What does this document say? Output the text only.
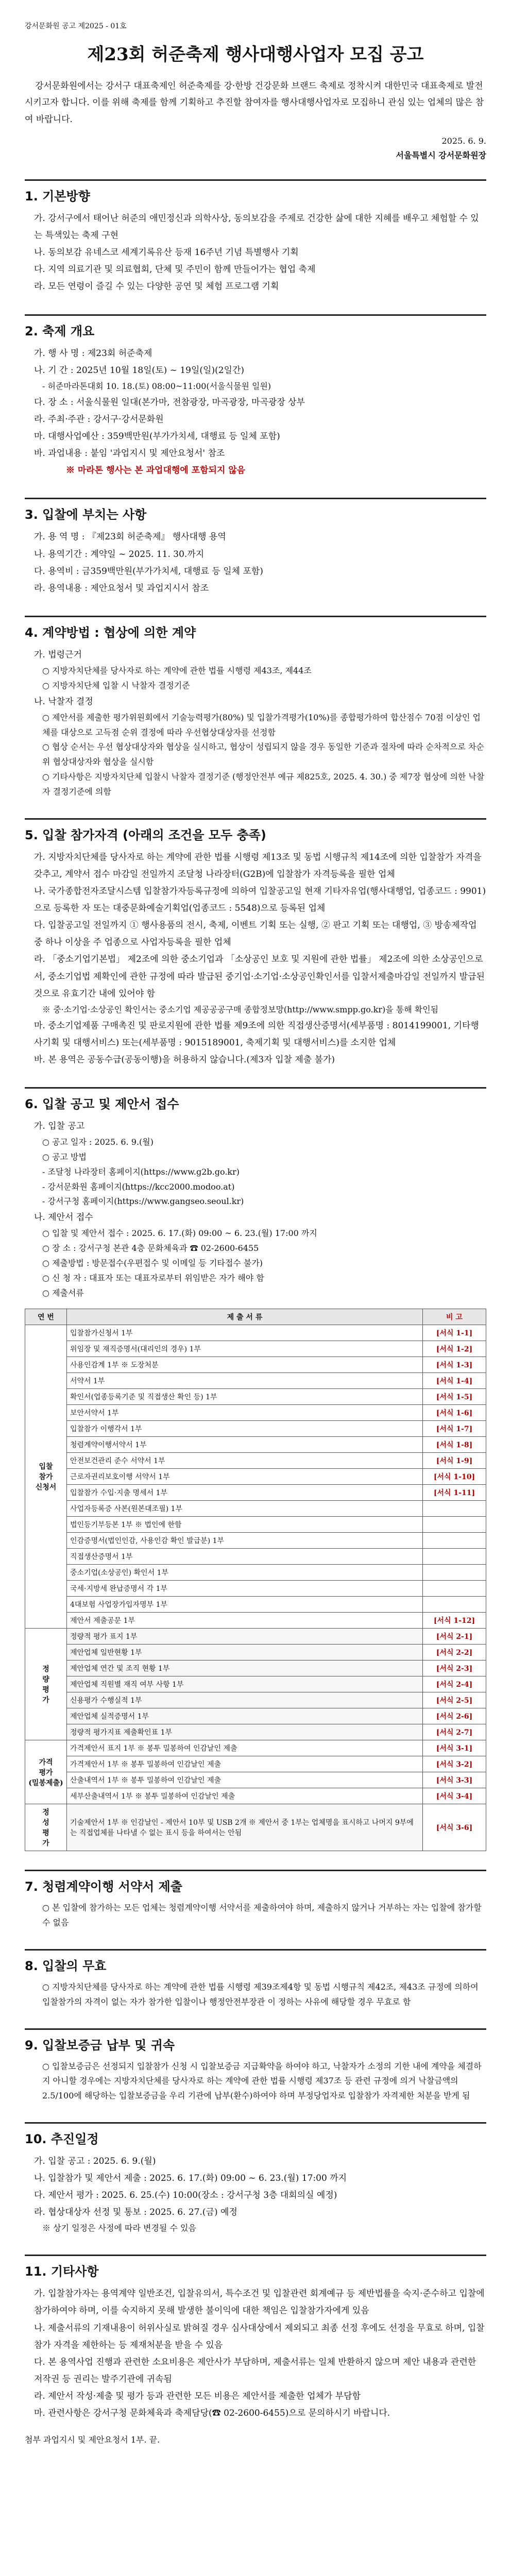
강서문화원 공고 제2025 - 01호
제23회 허준축제 행사대행사업자 모집 공고
강서문화원에서는 강서구 대표축제인 허준축제를 강·한방 건강문화 브랜드 축제로 정착시켜 대한민국 대표축제로 발전시키고자 합니다. 이를 위해 축제를 함께 기획하고 추진할 참여자를 행사대행사업자로 모집하니 관심 있는 업체의 많은 참여 바랍니다.
2025. 6. 9.
서울특별시 강서문화원장
1. 기본방향
가. 강서구에서 태어난 허준의 애민정신과 의학사상, 동의보감을 주제로 건강한 삶에 대한 지혜를 배우고 체험할 수 있는 특색있는 축제 구현
나. 동의보감 유네스코 세계기록유산 등재 16주년 기념 특별행사 기획
다. 지역 의료기관 및 의료협회, 단체 및 주민이 함께 만들어가는 협업 축제
라. 모든 연령이 즐길 수 있는 다양한 공연 및 체험 프로그램 기획
2. 축제 개요
가. 행 사 명 : 제23회 허준축제
나. 기 간 : 2025년 10월 18일(토) ~ 19일(일)(2일간)
- 허준마라톤대회 10. 18.(토) 08:00~11:00(서울식물원 일원)
다. 장 소 : 서울식물원 일대(본가마, 전참광장, 마곡광장, 마곡광장 상부
라. 주최·주관 : 강서구·강서문화원
마. 대행사업예산 : 359백만원(부가가치세, 대행료 등 일체 포함)
바. 과업내용 : 붙임 '과업지시 및 제안요청서' 참조
※ 마라톤 행사는 본 과업대행에 포함되지 않음
3. 입찰에 부치는 사항
가. 용 역 명 : 『제23회 허준축제』 행사대행 용역
나. 용역기간 : 계약일 ~ 2025. 11. 30.까지
다. 용역비 : 금359백만원(부가가치세, 대행료 등 일체 포함)
라. 용역내용 : 제안요청서 및 과업지시서 참조
4. 계약방법 : 협상에 의한 계약
가. 법령근거
○ 지방자치단체를 당사자로 하는 계약에 관한 법률 시행령 제43조, 제44조
○ 지방자치단체 입찰 시 낙찰자 결정기준
나. 낙찰자 결정
○ 제안서를 제출한 평가위원회에서 기술능력평가(80%) 및 입찰가격평가(10%)를 종합평가하여 합산점수 70점 이상인 업체를 대상으로 고득점 순위 결정에 따라 우선협상대상자를 선정함
○ 협상 순서는 우선 협상대상자와 협상을 실시하고, 협상이 성립되지 않을 경우 동일한 기준과 절차에 따라 순차적으로 차순위 협상대상자와 협상을 실시함
○ 기타사항은 지방자치단체 입찰시 낙찰자 결정기준 (행정안전부 예규 제825호, 2025. 4. 30.) 중 제7장 협상에 의한 낙찰자 결정기준에 의함
5. 입찰 참가자격 (아래의 조건을 모두 충족)
가. 지방자치단체를 당사자로 하는 계약에 관한 법률 시행령 제13조 및 동법 시행규칙 제14조에 의한 입찰참가 자격을 갖추고, 계약서 접수 마감일 전일까지 조달청 나라장터(G2B)에 입찰참가 자격등록을 필한 업체
나. 국가종합전자조달시스템 입찰참가자등록규정에 의하여 입찰공고일 현재 기타자유업(행사대행업, 업종코드 : 9901)으로 등록한 자 또는 대중문화예술기획업(업종코드 : 5548)으로 등록된 업체
다. 입찰공고일 전일까지 ① 행사용품의 전시, 축제, 이벤트 기획 또는 실행, ② 판고 기획 또는 대행업, ③ 방송제작업 중 하나 이상을 주 업종으로 사업자등록을 필한 업체
라. 「중소기업기본법」 제2조에 의한 중소기업과 「소상공인 보호 및 지원에 관한 법률」 제2조에 의한 소상공인으로서, 중소기업법 제확인에 관한 규정에 따라 발급된 중기업·소기업·소상공인확인서를 입찰서제출마감일 전일까지 발급된 것으로 유효기간 내에 있어야 함
※ 중·소기업·소상공인 확인서는 중소기업 제공공공구매 종합정보망(http://www.smpp.go.kr)을 통해 확인됨
마. 중소기업제품 구매촉진 및 판로지원에 관한 법률 제9조에 의한 직접생산증명서(세부품명 : 8014199001, 기타행사기획 및 대행서비스) 또는(세부품명 : 9015189001, 축제기획 및 대행서비스)를 소지한 업체
바. 본 용역은 공동수급(공동이행)을 허용하지 않습니다.(제3자 입찰 제출 불가)
6. 입찰 공고 및 제안서 접수
가. 입찰 공고
○ 공고 일자 : 2025. 6. 9.(월)
○ 공고 방법
- 조달청 나라장터 홈페이지(https://www.g2b.go.kr)
- 강서문화원 홈페이지(https://kcc2000.modoo.at)
- 강서구청 홈페이지(https://www.gangseo.seoul.kr)
나. 제안서 접수
○ 입찰 및 제안서 접수 : 2025. 6. 17.(화) 09:00 ~ 6. 23.(월) 17:00 까지
○ 장 소 : 강서구청 본관 4층 문화체육과 ☎ 02-2600-6455
○ 제출방법 : 방문접수(우편접수 및 이메일 등 기타접수 불가)
○ 신 청 자 : 대표자 또는 대표자로부터 위임받은 자가 해야 함
○ 제출서류
연 번	제 출 서 류	비 고
입찰
참가
신청서	입찰참가신청서 1부	[서식 1-1]
	위임장 및 재직증명서(대리인의 경우) 1부	[서식 1-2]
	사용인감계 1부 ※ 도장처분	[서식 1-3]
	서약서 1부	[서식 1-4]
	확인서(업종등록기준 및 직접생산 확인 등) 1부	[서식 1-5]
	보안서약서 1부	[서식 1-6]
	입찰참가 이행각서 1부	[서식 1-7]
	청렴계약이행서약서 1부	[서식 1-8]
	안전보건관리 준수 서약서 1부	[서식 1-9]
	근로자권리보호이행 서약서 1부	[서식 1-10]
	입찰참가 수입·지출 명세서 1부	[서식 1-11]
	사업자등록증 사본(원본대조필) 1부	
	법인등기부등본 1부 ※ 법인에 한함	
	인감증명서(법인인감, 사용인감 확인 발급분) 1부	
	직접생산증명서 1부	
	중소기업(소상공인) 확인서 1부	
	국세·지방세 완납증명서 각 1부	
	4대보험 사업장가입자명부 1부	
	제안서 제출공문 1부	[서식 1-12]
정
량
평
가	정량적 평가 표지 1부	[서식 2-1]
	제안업체 일반현황 1부	[서식 2-2]
	제안업체 연간 및 조직 현황 1부	[서식 2-3]
	제안업체 직원별 재직 여부 사항 1부	[서식 2-4]
	신용평가 수행실적 1부	[서식 2-5]
	제안업체 실적증명서 1부	[서식 2-6]
	정량적 평가지표 제출확인표 1부	[서식 2-7]
가격
평가
(밀봉제출)	가격제안서 표지 1부 ※ 봉투 밀봉하여 인감날인 제출	[서식 3-1]
	가격제안서 1부 ※ 봉투 밀봉하여 인감날인 제출	[서식 3-2]
	산출내역서 1부 ※ 봉투 밀봉하여 인감날인 제출	[서식 3-3]
	세부산출내역서 1부 ※ 봉투 밀봉하여 인감날인 제출	[서식 3-4]
정
성
평
가	기술제안서 1부 ※ 인감날인 - 제안서 10부 및 USB 2개 ※ 제안서 중 1부는 업체명을 표시하고 나머지 9부에는 직접업체를 나타낼 수 없는 표시 등을 하여서는 안됨	[서식 3-6]
7. 청렴계약이행 서약서 제출
○ 본 입찰에 참가하는 모든 업체는 청렴계약이행 서약서를 제출하여야 하며, 제출하지 않거나 거부하는 자는 입찰에 참가할 수 없음
8. 입찰의 무효
○ 지방자치단체를 당사자로 하는 계약에 관한 법률 시행령 제39조제4항 및 동법 시행규칙 제42조, 제43조 규정에 의하여 입찰참가의 자격이 없는 자가 참가한 입찰이나 행정안전부장관 이 정하는 사유에 해당할 경우 무효로 함
9. 입찰보증금 납부 및 귀속
○ 입찰보증금은 선정되지 입찰참가 신청 시 입찰보증금 지급확약을 하여야 하고, 낙찰자가 소정의 기한 내에 계약을 체결하지 아니할 경우에는 지방자치단체를 당사자로 하는 계약에 관한 법률 시행령 제37조 등 관련 규정에 의거 낙찰금액의 2.5/100에 해당하는 입찰보증금을 우리 기관에 납부(환수)하여야 하며 부정당업자로 입찰참가 자격제한 처분을 받게 됨
10. 추진일정
가. 입찰 공고 : 2025. 6. 9.(월)
나. 입찰참가 및 제안서 제출 : 2025. 6. 17.(화) 09:00 ~ 6. 23.(월) 17:00 까지
다. 제안서 평가 : 2025. 6. 25.(수) 10:00(장소 : 강서구청 3층 대회의실 예정)
라. 협상대상자 선정 및 통보 : 2025. 6. 27.(금) 예정
※ 상기 일정은 사정에 따라 변경될 수 있음
11. 기타사항
가. 입찰참가자는 용역계약 일반조건, 입찰유의서, 특수조건 및 입찰관련 회계예규 등 제반법률을 숙지·준수하고 입찰에 참가하여야 하며, 이를 숙지하지 못해 발생한 불이익에 대한 책임은 입찰참가자에게 있음
나. 제출서류의 기재내용이 허위사실로 밝혀질 경우 심사대상에서 제외되고 최종 선정 후에도 선정을 무효로 하며, 입찰참가 자격을 제한하는 등 제재처분을 받을 수 있음
다. 본 용역사업 진행과 관련한 소요비용은 제안사가 부담하며, 제출서류는 일체 반환하지 않으며 제안 내용과 관련한 저작권 등 권리는 발주기관에 귀속됨
라. 제안서 작성·제출 및 평가 등과 관련한 모든 비용은 제안서를 제출한 업체가 부담함
마. 관련사항은 강서구청 문화체육과 축제담당(☎ 02-2600-6455)으로 문의하시기 바랍니다.
첨부 과업지시 및 제안요청서 1부. 끝.
